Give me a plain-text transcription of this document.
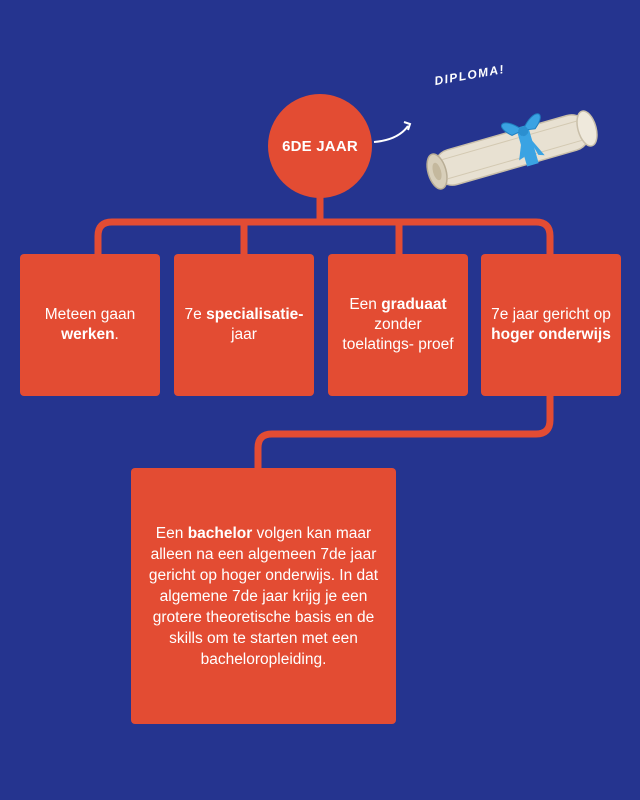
6DE JAAR
DIPLOMA!
Meteen gaan werken.
7e specialisatie- jaar
Een graduaat zonder toelatings- proef
7e jaar gericht op hoger onderwijs
Een bachelor volgen kan maar alleen na een algemeen 7de jaar gericht op hoger onderwijs. In dat algemene 7de jaar krijg je een grotere theoretische basis en de skills om te starten met een bacheloropleiding.
